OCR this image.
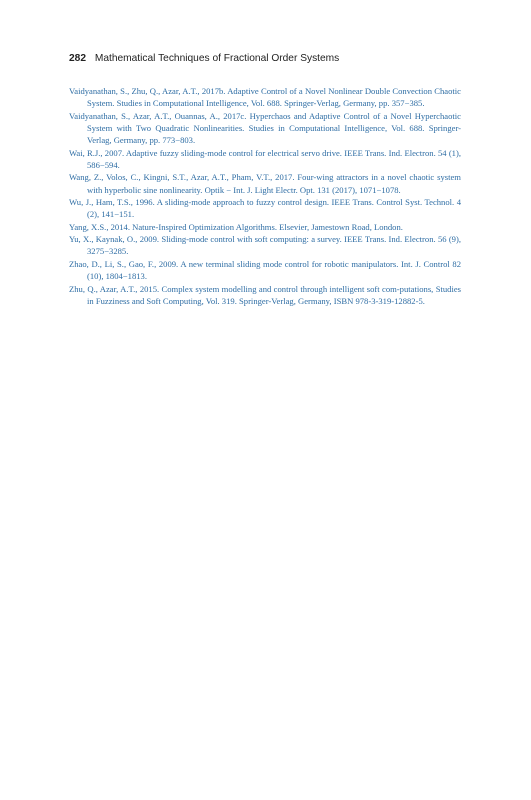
282 Mathematical Techniques of Fractional Order Systems
Vaidyanathan, S., Zhu, Q., Azar, A.T., 2017b. Adaptive Control of a Novel Nonlinear Double Convection Chaotic System. Studies in Computational Intelligence, Vol. 688. Springer-Verlag, Germany, pp. 357−385.
Vaidyanathan, S., Azar, A.T., Ouannas, A., 2017c. Hyperchaos and Adaptive Control of a Novel Hyperchaotic System with Two Quadratic Nonlinearities. Studies in Computational Intelligence, Vol. 688. Springer-Verlag, Germany, pp. 773−803.
Wai, R.J., 2007. Adaptive fuzzy sliding-mode control for electrical servo drive. IEEE Trans. Ind. Electron. 54 (1), 586−594.
Wang, Z., Volos, C., Kingni, S.T., Azar, A.T., Pham, V.T., 2017. Four-wing attractors in a novel chaotic system with hyperbolic sine nonlinearity. Optik − Int. J. Light Electr. Opt. 131 (2017), 1071−1078.
Wu, J., Ham, T.S., 1996. A sliding-mode approach to fuzzy control design. IEEE Trans. Control Syst. Technol. 4 (2), 141−151.
Yang, X.S., 2014. Nature-Inspired Optimization Algorithms. Elsevier, Jamestown Road, London.
Yu, X., Kaynak, O., 2009. Sliding-mode control with soft computing: a survey. IEEE Trans. Ind. Electron. 56 (9), 3275−3285.
Zhao, D., Li, S., Gao, F., 2009. A new terminal sliding mode control for robotic manipulators. Int. J. Control 82 (10), 1804−1813.
Zhu, Q., Azar, A.T., 2015. Complex system modelling and control through intelligent soft com-putations, Studies in Fuzziness and Soft Computing, Vol. 319. Springer-Verlag, Germany, ISBN 978-3-319-12882-5.
